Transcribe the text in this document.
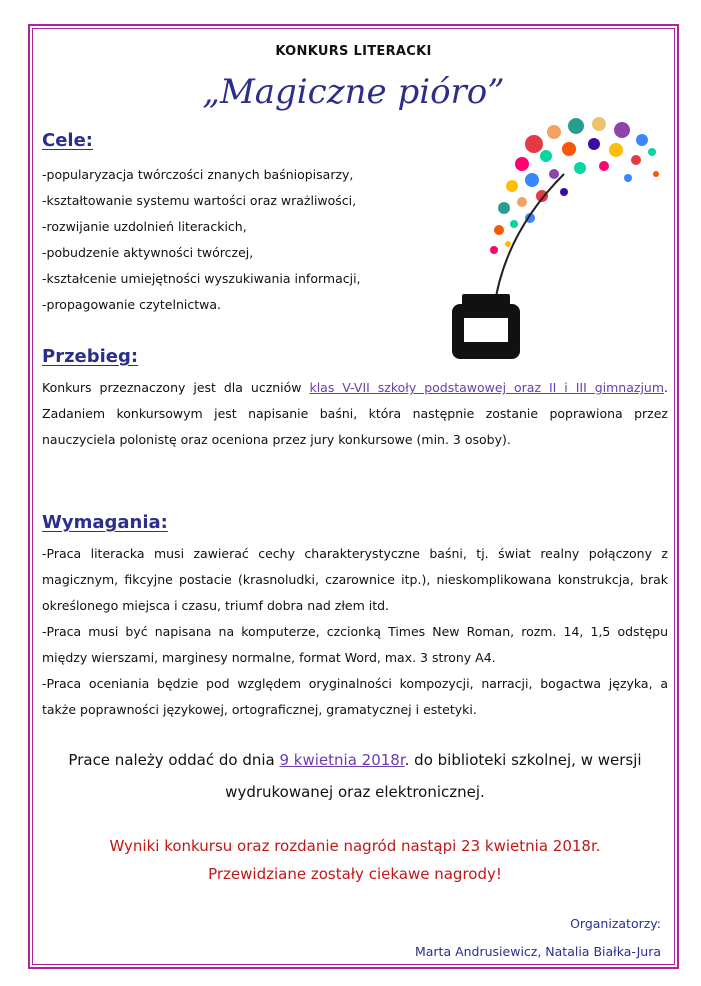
KONKURS LITERACKI
„Magiczne pióro”
Cele:
-popularyzacja twórczości znanych baśniopisarzy,
-kształtowanie systemu wartości oraz wrażliwości,
-rozwijanie uzdolnień literackich,
-pobudzenie aktywności twórczej,
-kształcenie umiejętności wyszukiwania informacji,
-propagowanie czytelnictwa.
Przebieg:

Konkurs przeznaczony jest dla uczniów klas V-VII szkoły podstawowej oraz II i III gimnazjum. Zadaniem konkursowym jest napisanie baśni, która następnie zostanie poprawiona przez nauczyciela polonistę oraz oceniona przez jury konkursowe (min. 3 osoby).

Wymagania:

-Praca literacka musi zawierać cechy charakterystyczne baśni, tj. świat realny połączony z magicznym, fikcyjne postacie (krasnoludki, czarownice itp.), nieskomplikowana konstrukcja, brak określonego miejsca i czasu, triumf dobra nad złem itd.

-Praca musi być napisana na komputerze, czcionką Times New Roman, rozm. 14, 1,5 odstępu między wierszami, marginesy normalne, format Word, max. 3 strony A4.

-Praca oceniania będzie pod względem oryginalności kompozycji, narracji, bogactwa języka, a także poprawności językowej, ortograficznej, gramatycznej i estetyki.

Prace należy oddać do dnia 9 kwietnia 2018r. do biblioteki szkolnej, w wersji wydrukowanej oraz elektronicznej.

Wyniki konkursu oraz rozdanie nagród nastąpi 23 kwietnia 2018r.

Przewidziane zostały ciekawe nagrody!

Organizatorzy:
Marta Andrusiewicz, Natalia Białka-Jura
